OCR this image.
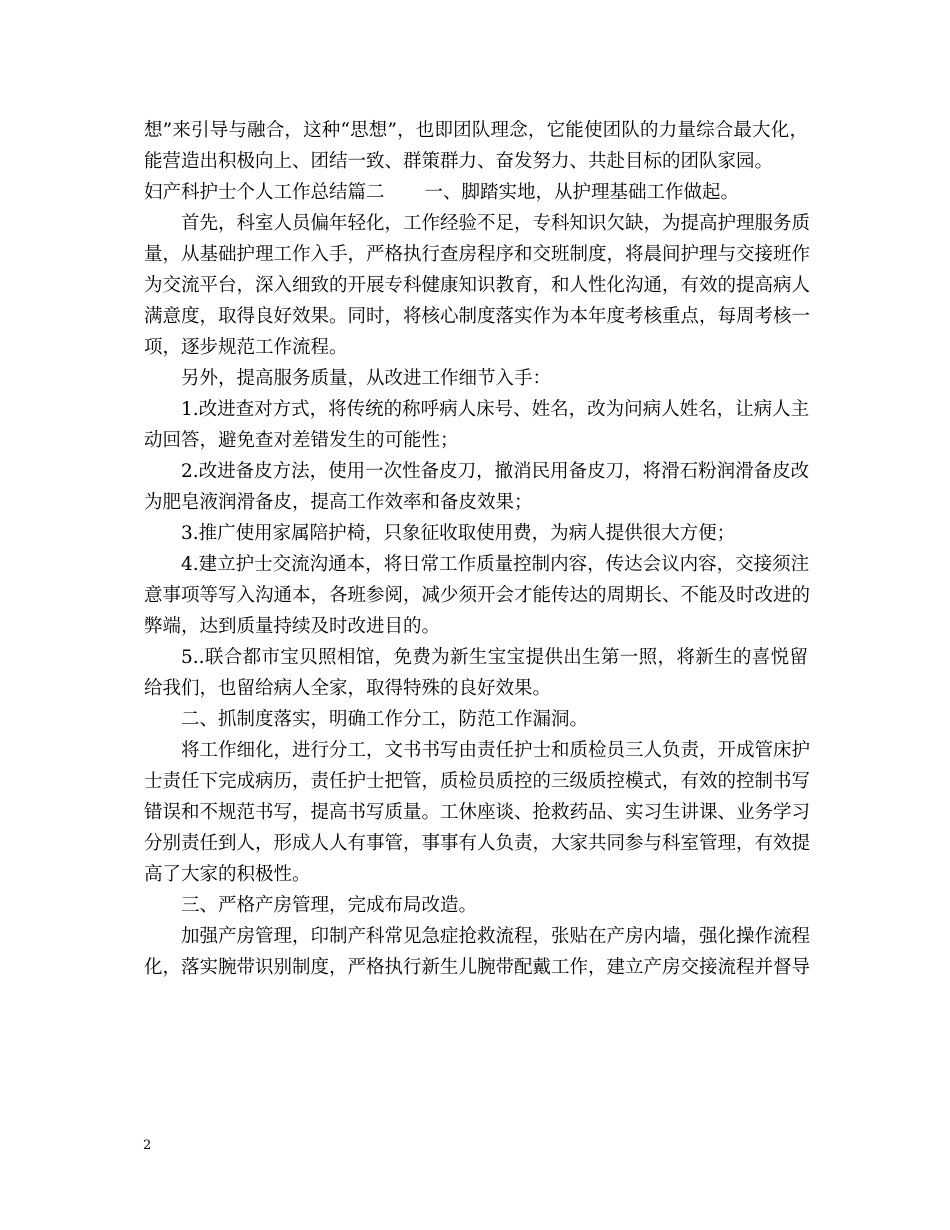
想”来引导与融合，这种“思想”，也即团队理念，它能使团队的力量综合最大化，
能营造出积极向上、团结一致、群策群力、奋发努力、共赴目标的团队家园。
妇产科护士个人工作总结篇二 一、脚踏实地，从护理基础工作做起。
首先，科室人员偏年轻化，工作经验不足，专科知识欠缺，为提高护理服务质
量，从基础护理工作入手，严格执行查房程序和交班制度，将晨间护理与交接班作
为交流平台，深入细致的开展专科健康知识教育，和人性化沟通，有效的提高病人
满意度，取得良好效果。同时，将核心制度落实作为本年度考核重点，每周考核一
项，逐步规范工作流程。
另外，提高服务质量，从改进工作细节入手：
1.改进查对方式，将传统的称呼病人床号、姓名，改为问病人姓名，让病人主
动回答，避免查对差错发生的可能性；
2.改进备皮方法，使用一次性备皮刀，撤消民用备皮刀，将滑石粉润滑备皮改
为肥皂液润滑备皮，提高工作效率和备皮效果；
3.推广使用家属陪护椅，只象征收取使用费，为病人提供很大方便；
4.建立护士交流沟通本，将日常工作质量控制内容，传达会议内容，交接须注
意事项等写入沟通本，各班参阅，减少须开会才能传达的周期长、不能及时改进的
弊端，达到质量持续及时改进目的。
5..联合都市宝贝照相馆，免费为新生宝宝提供出生第一照，将新生的喜悦留
给我们，也留给病人全家，取得特殊的良好效果。
二、抓制度落实，明确工作分工，防范工作漏洞。
将工作细化，进行分工，文书书写由责任护士和质检员三人负责，开成管床护
士责任下完成病历，责任护士把管，质检员质控的三级质控模式，有效的控制书写
错误和不规范书写，提高书写质量。工休座谈、抢救药品、实习生讲课、业务学习
分别责任到人，形成人人有事管，事事有人负责，大家共同参与科室管理，有效提
高了大家的积极性。
三、严格产房管理，完成布局改造。
加强产房管理，印制产科常见急症抢救流程，张贴在产房内墙，强化操作流程
化，落实腕带识别制度，严格执行新生儿腕带配戴工作，建立产房交接流程并督导
2
